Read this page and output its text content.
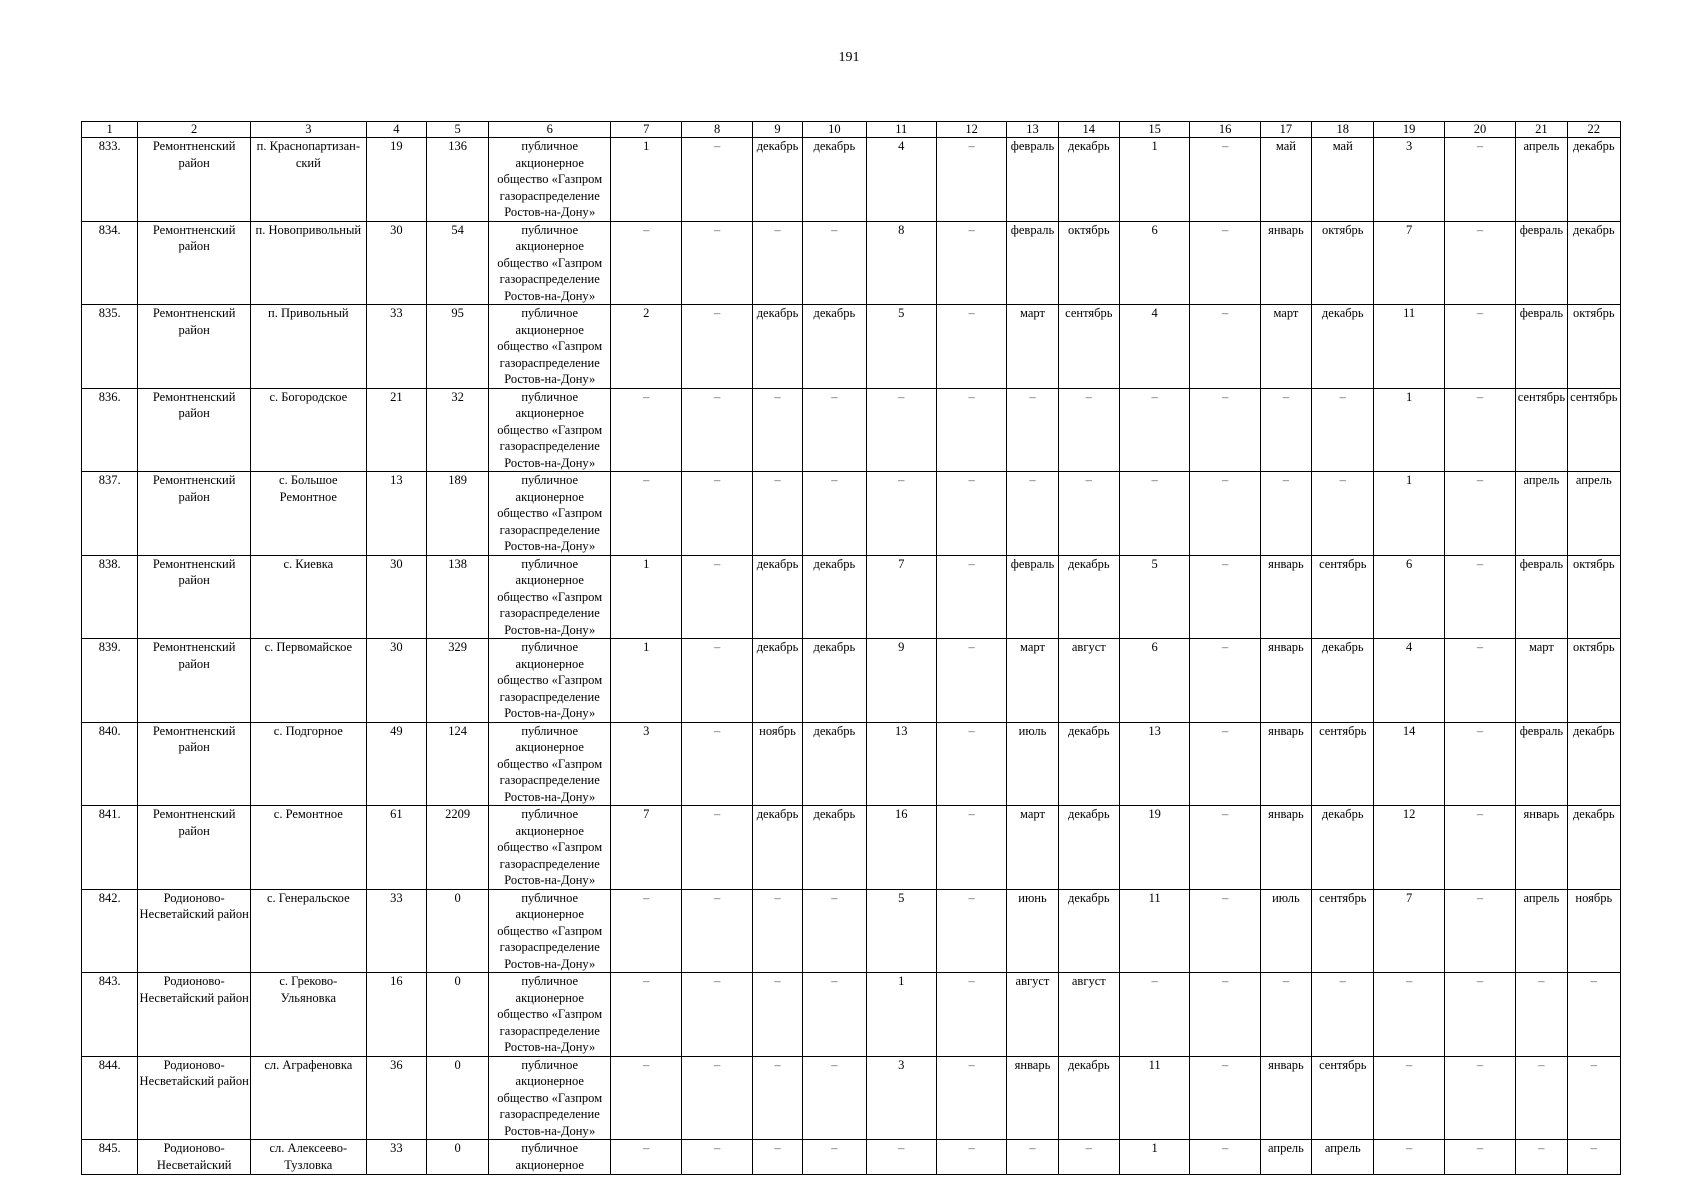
191
1	2	3	4	5	6	7	8	9	10	11	12	13	14	15	16	17	18	19	20	21	22
833.	Ремонтненский район	п. Краснопартизан-ский	19	136	публичное акционерное общество «Газпром газораспределение Ростов-на-Дону»	1	–	декабрь	декабрь	4	–	февраль	декабрь	1	–	май	май	3	–	апрель	декабрь
834.	Ремонтненский район	п. Новопривольный	30	54	публичное акционерное общество «Газпром газораспределение Ростов-на-Дону»	–	–	–	–	8	–	февраль	октябрь	6	–	январь	октябрь	7	–	февраль	декабрь
835.	Ремонтненский район	п. Привольный	33	95	публичное акционерное общество «Газпром газораспределение Ростов-на-Дону»	2	–	декабрь	декабрь	5	–	март	сентябрь	4	–	март	декабрь	11	–	февраль	октябрь
836.	Ремонтненский район	с. Богородское	21	32	публичное акционерное общество «Газпром газораспределение Ростов-на-Дону»	–	–	–	–	–	–	–	–	–	–	–	–	1	–	сентябрь	сентябрь
837.	Ремонтненский район	с. Большое Ремонтное	13	189	публичное акционерное общество «Газпром газораспределение Ростов-на-Дону»	–	–	–	–	–	–	–	–	–	–	–	–	1	–	апрель	апрель
838.	Ремонтненский район	с. Киевка	30	138	публичное акционерное общество «Газпром газораспределение Ростов-на-Дону»	1	–	декабрь	декабрь	7	–	февраль	декабрь	5	–	январь	сентябрь	6	–	февраль	октябрь
839.	Ремонтненский район	с. Первомайское	30	329	публичное акционерное общество «Газпром газораспределение Ростов-на-Дону»	1	–	декабрь	декабрь	9	–	март	август	6	–	январь	декабрь	4	–	март	октябрь
840.	Ремонтненский район	с. Подгорное	49	124	публичное акционерное общество «Газпром газораспределение Ростов-на-Дону»	3	–	ноябрь	декабрь	13	–	июль	декабрь	13	–	январь	сентябрь	14	–	февраль	декабрь
841.	Ремонтненский район	с. Ремонтное	61	2209	публичное акционерное общество «Газпром газораспределение Ростов-на-Дону»	7	–	декабрь	декабрь	16	–	март	декабрь	19	–	январь	декабрь	12	–	январь	декабрь
842.	Родионово-Несветайский район	с. Генеральское	33	0	публичное акционерное общество «Газпром газораспределение Ростов-на-Дону»	–	–	–	–	5	–	июнь	декабрь	11	–	июль	сентябрь	7	–	апрель	ноябрь
843.	Родионово-Несветайский район	с. Греково-Ульяновка	16	0	публичное акционерное общество «Газпром газораспределение Ростов-на-Дону»	–	–	–	–	1	–	август	август	–	–	–	–	–	–	–	–
844.	Родионово-Несветайский район	сл. Аграфеновка	36	0	публичное акционерное общество «Газпром газораспределение Ростов-на-Дону»	–	–	–	–	3	–	январь	декабрь	11	–	январь	сентябрь	–	–	–	–
845.	Родионово-Несветайский	сл. Алексеево-Тузловка	33	0	публичное акционерное	–	–	–	–	–	–	–	–	1	–	апрель	апрель	–	–	–	–
